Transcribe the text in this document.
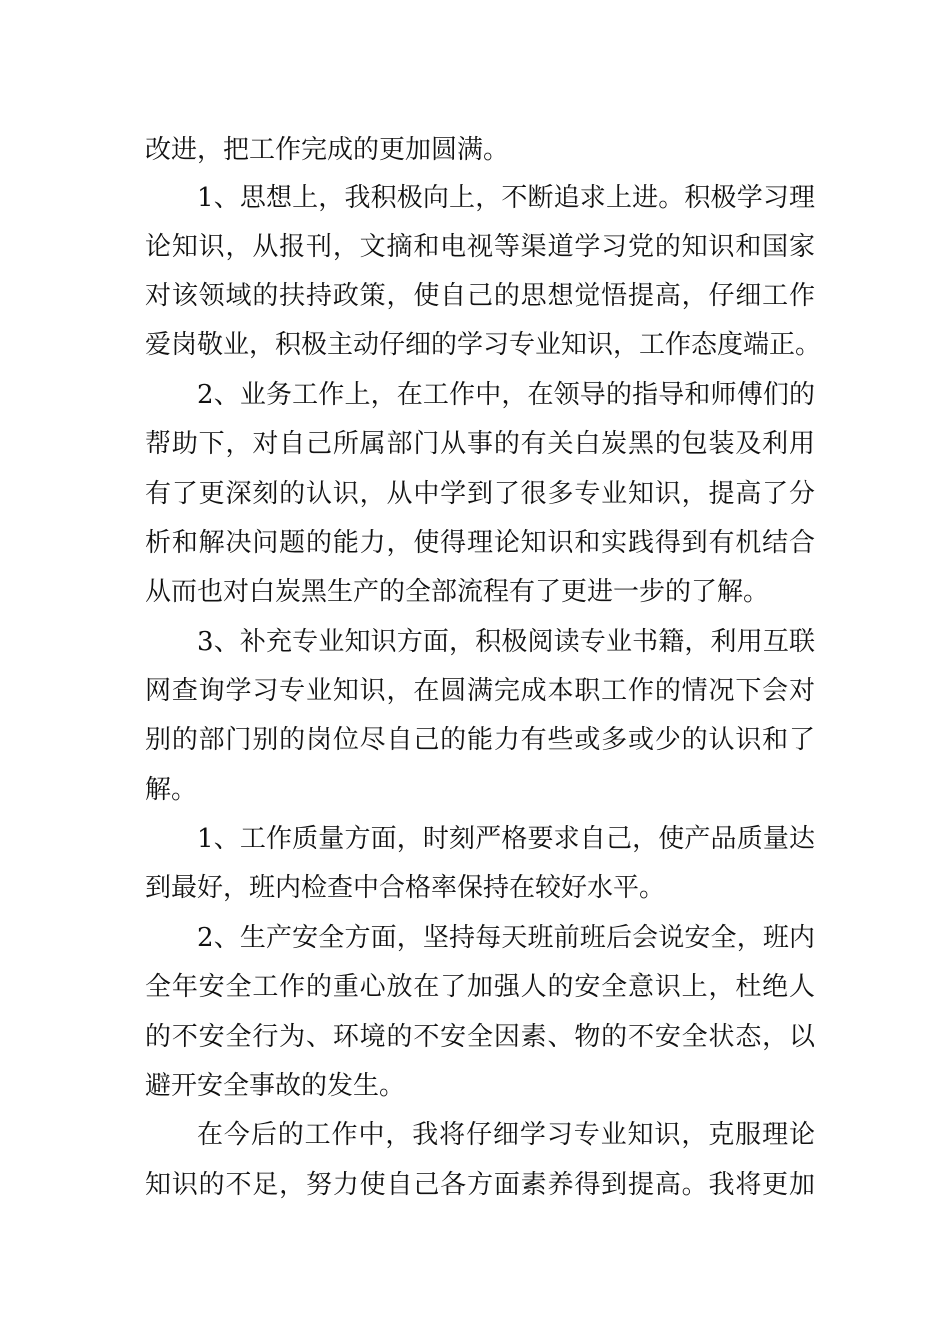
改进，把工作完成的更加圆满。
1、思想上，我积极向上，不断追求上进。积极学习理
论知识，从报刊，文摘和电视等渠道学习党的知识和国家
对该领域的扶持政策，使自己的思想觉悟提高，仔细工作
爱岗敬业，积极主动仔细的学习专业知识，工作态度端正。
2、业务工作上，在工作中，在领导的指导和师傅们的
帮助下，对自己所属部门从事的有关白炭黑的包装及利用
有了更深刻的认识，从中学到了很多专业知识，提高了分
析和解决问题的能力，使得理论知识和实践得到有机结合
从而也对白炭黑生产的全部流程有了更进一步的了解。
3、补充专业知识方面，积极阅读专业书籍，利用互联
网查询学习专业知识，在圆满完成本职工作的情况下会对
别的部门别的岗位尽自己的能力有些或多或少的认识和了
解。
1、工作质量方面，时刻严格要求自己，使产品质量达
到最好，班内检查中合格率保持在较好水平。
2、生产安全方面，坚持每天班前班后会说安全，班内
全年安全工作的重心放在了加强人的安全意识上，杜绝人
的不安全行为、环境的不安全因素、物的不安全状态，以
避开安全事故的发生。
在今后的工作中，我将仔细学习专业知识，克服理论
知识的不足，努力使自己各方面素养得到提高。我将更加
